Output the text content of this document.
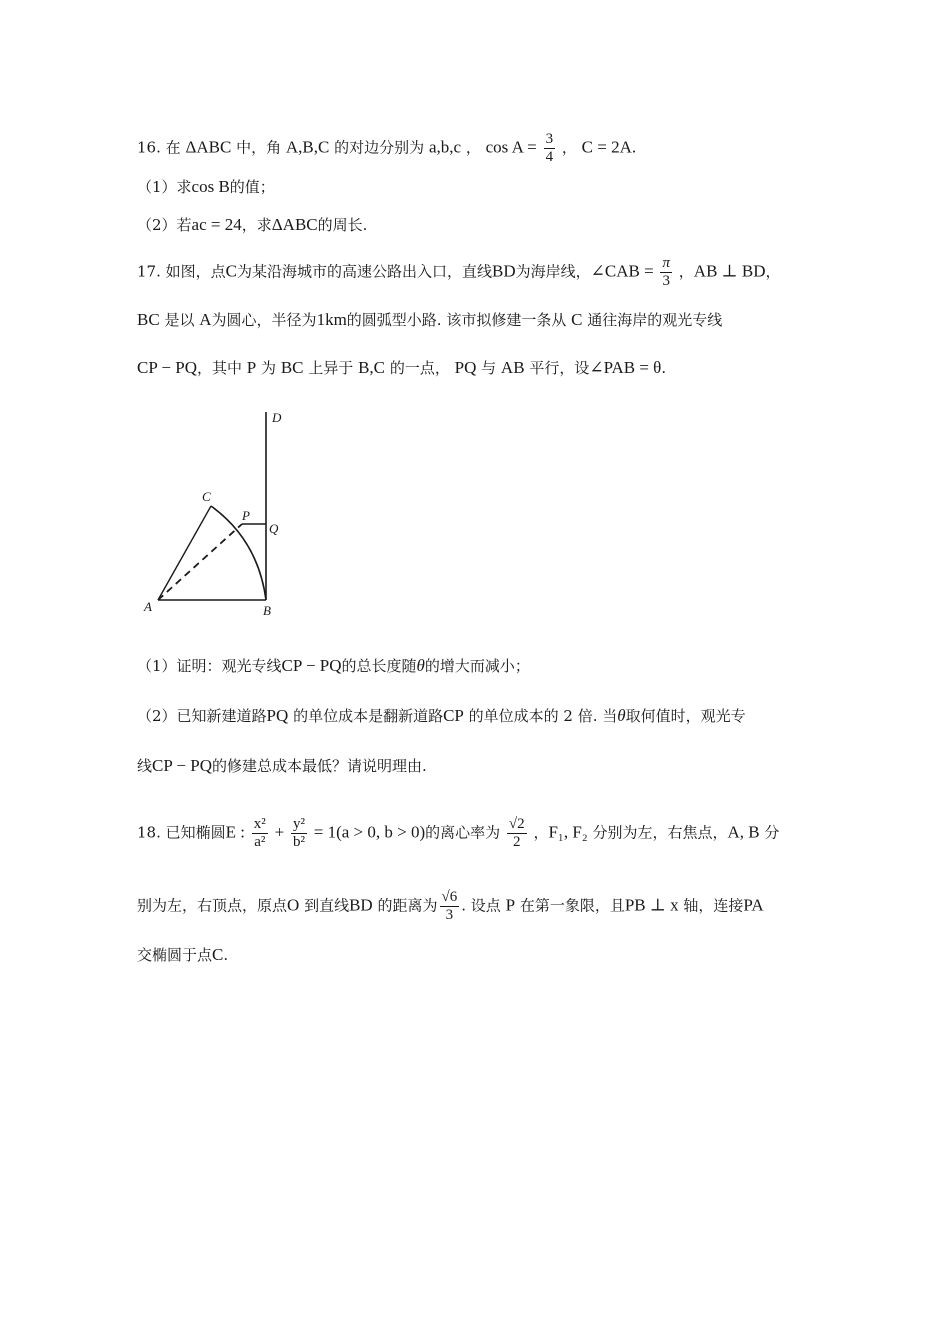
16. 在 ΔABC 中，角 A,B,C 的对边分别为 a,b,c ， $\cos A = \frac{3}{4}$ ， C = 2A.
（1）求cos B的值；
（2）若ac = 24，求ΔABC的周长.
17. 如图，点C为某沿海城市的高速公路出入口，直线BD为海岸线，∠CAB = $\frac{\pi}{3}$ ，AB ⊥ BD，
BC 是以 A为圆心，半径为1km的圆弧型小路. 该市拟修建一条从 C 通往海岸的观光专线
CP − PQ，其中 P 为 BC 上异于 B,C 的一点， PQ 与 AB 平行，设∠PAB = θ.
D
C
P
Q
A	B
（1）证明：观光专线CP − PQ的总长度随θ的增大而减小；
（2）已知新建道路PQ 的单位成本是翻新道路CP 的单位成本的 2 倍. 当θ取何值时，观光专
线CP − PQ的修建总成本最低？请说明理由.
18. 已知椭圆E : $\frac{\text{x²}}{\text{a²}} + \frac{\text{y²}}{\text{b²}} = 1(a > 0$, b > 0)的离心率为 $\frac{√2}{2}$ ，F₁, F₂ 分别为左，右焦点，A, B 分
别为左，右顶点，原点O 到直线BD 的距离为 $\frac{√6}{3}$ . 设点 P 在第一象限，且PB ⊥ x 轴，连接PA
交椭圆于点C.
